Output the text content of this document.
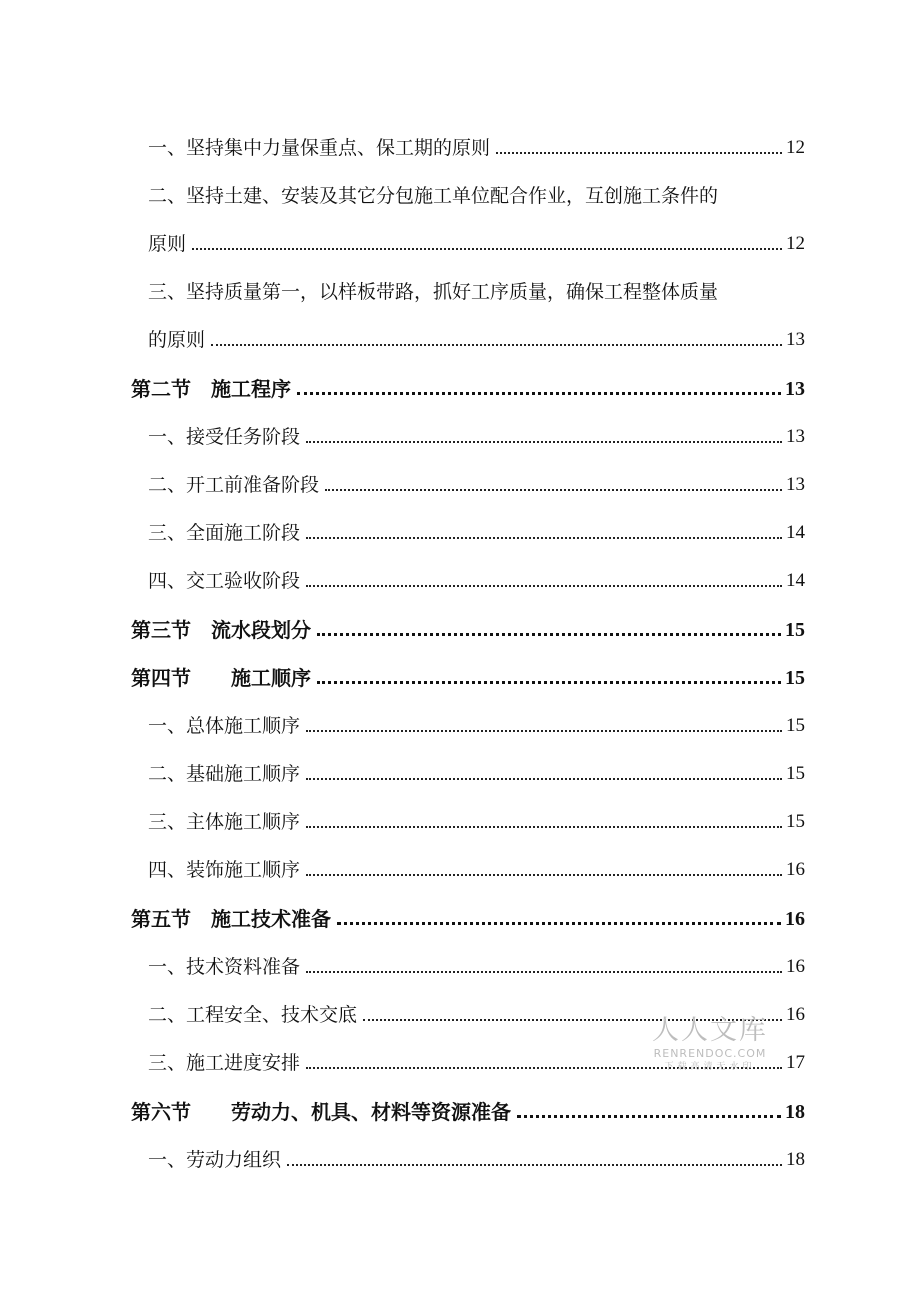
一、坚持集中力量保重点、保工期的原则	12
二、坚持土建、安装及其它分包施工单位配合作业，互创施工条件的
原则	12
三、坚持质量第一，以样板带路，抓好工序质量，确保工程整体质量
的原则	13
第二节　施工程序	13
一、接受任务阶段	13
二、开工前准备阶段	13
三、全面施工阶段	14
四、交工验收阶段	14
第三节　流水段划分	15
第四节　　施工顺序	15
一、总体施工顺序	15
二、基础施工顺序	15
三、主体施工顺序	15
四、装饰施工顺序	16
第五节　施工技术准备	16
一、技术资料准备	16
二、工程安全、技术交底	16
三、施工进度安排	17
第六节　　劳动力、机具、材料等资源准备	18
一、劳动力组织	18
人人文库
RENRENDOC.COM
下载高清无水印
